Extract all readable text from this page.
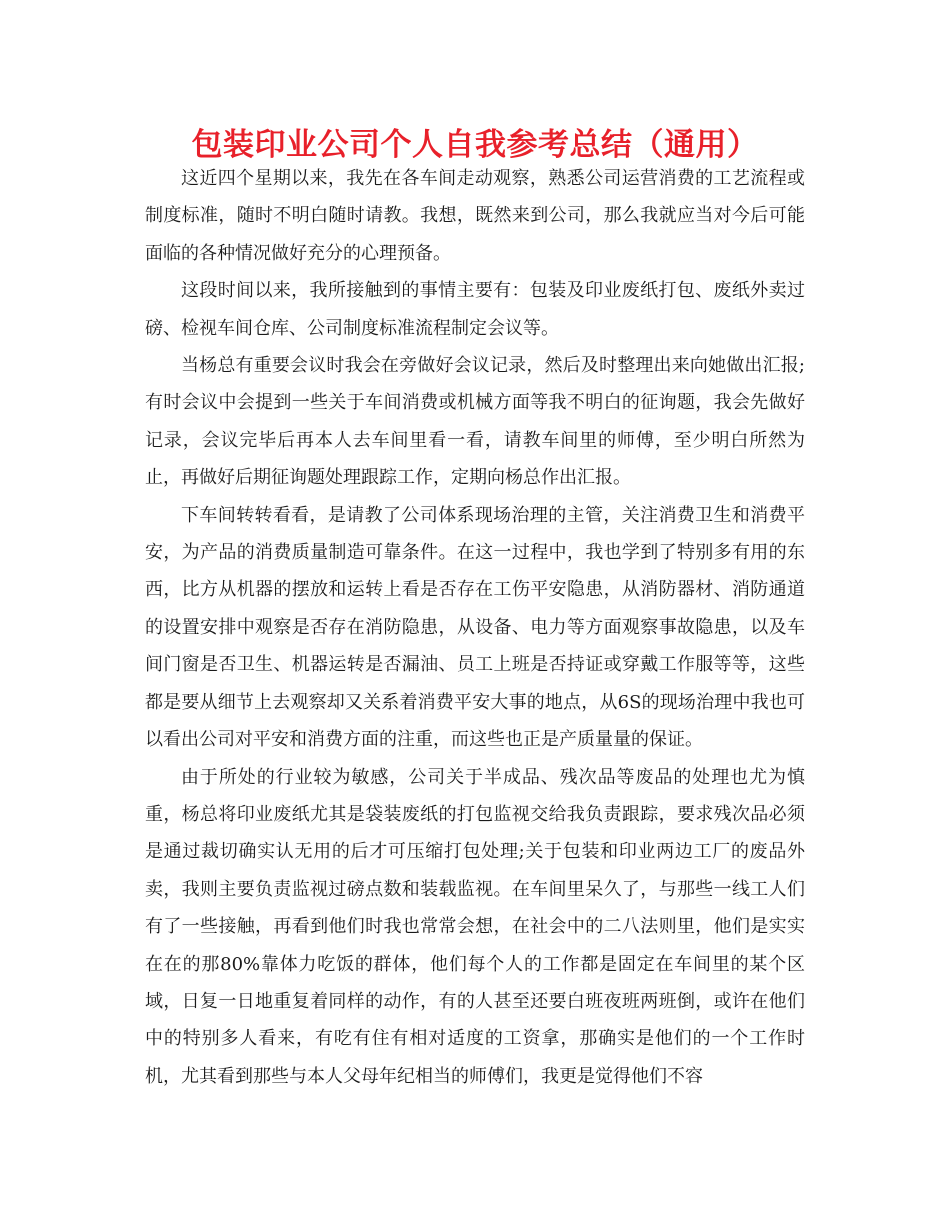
包装印业公司个人自我参考总结（通用）

这近四个星期以来，我先在各车间走动观察，熟悉公司运营消费的工艺流程或制度标准，随时不明白随时请教。我想，既然来到公司，那么我就应当对今后可能面临的各种情况做好充分的心理预备。

这段时间以来，我所接触到的事情主要有：包装及印业废纸打包、废纸外卖过磅、检视车间仓库、公司制度标准流程制定会议等。

当杨总有重要会议时我会在旁做好会议记录，然后及时整理出来向她做出汇报;有时会议中会提到一些关于车间消费或机械方面等我不明白的征询题，我会先做好记录，会议完毕后再本人去车间里看一看，请教车间里的师傅，至少明白所然为止，再做好后期征询题处理跟踪工作，定期向杨总作出汇报。

下车间转转看看，是请教了公司体系现场治理的主管，关注消费卫生和消费平安，为产品的消费质量制造可靠条件。在这一过程中，我也学到了特别多有用的东西，比方从机器的摆放和运转上看是否存在工伤平安隐患，从消防器材、消防通道的设置安排中观察是否存在消防隐患，从设备、电力等方面观察事故隐患，以及车间门窗是否卫生、机器运转是否漏油、员工上班是否持证或穿戴工作服等等，这些都是要从细节上去观察却又关系着消费平安大事的地点，从6S的现场治理中我也可以看出公司对平安和消费方面的注重，而这些也正是产质量量的保证。

由于所处的行业较为敏感，公司关于半成品、残次品等废品的处理也尤为慎重，杨总将印业废纸尤其是袋装废纸的打包监视交给我负责跟踪，要求残次品必须是通过裁切确实认无用的后才可压缩打包处理;关于包装和印业两边工厂的废品外卖，我则主要负责监视过磅点数和装载监视。在车间里呆久了，与那些一线工人们有了一些接触，再看到他们时我也常常会想，在社会中的二八法则里，他们是实实在在的那80%靠体力吃饭的群体，他们每个人的工作都是固定在车间里的某个区域，日复一日地重复着同样的动作，有的人甚至还要白班夜班两班倒，或许在他们中的特别多人看来，有吃有住有相对适度的工资拿，那确实是他们的一个工作时机，尤其看到那些与本人父母年纪相当的师傅们，我更是觉得他们不容
